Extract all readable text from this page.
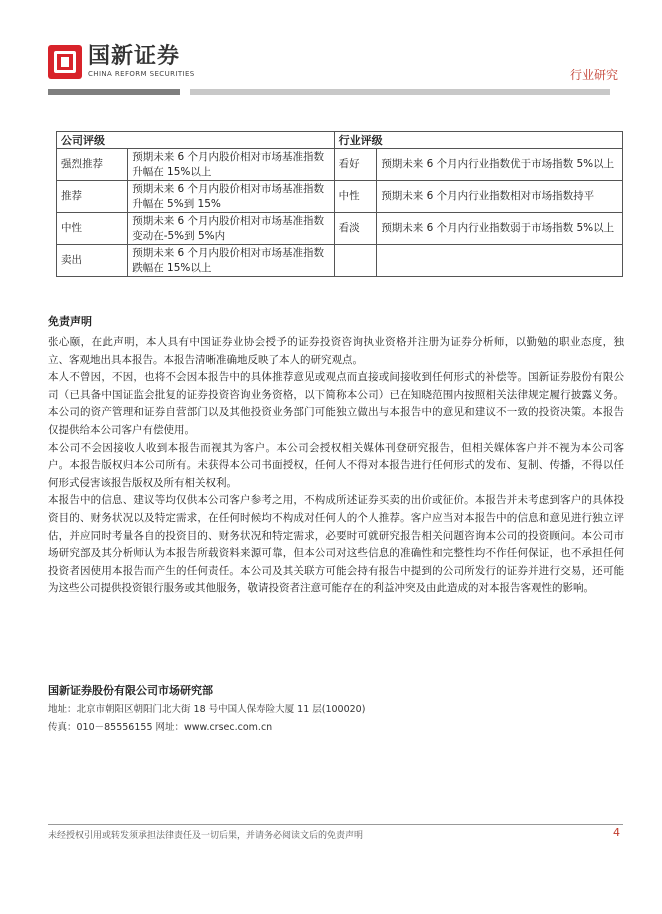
国新证券
CHINA REFORM SECURITIES	行业研究
公司评级		行业评级	
强烈推荐	预期未来 6 个月内股价相对市场基准指数升幅在 15%以上	看好	预期未来 6 个月内行业指数优于市场指数 5%以上
推荐	预期未来 6 个月内股价相对市场基准指数升幅在 5%到 15%	中性	预期未来 6 个月内行业指数相对市场指数持平
中性	预期未来 6 个月内股价相对市场基准指数变动在-5%到 5%内	看淡	预期未来 6 个月内行业指数弱于市场指数 5%以上
卖出	预期未来 6 个月内股价相对市场基准指数跌幅在 15%以上		
免责声明

张心颐，在此声明，本人具有中国证券业协会授予的证券投资咨询执业资格并注册为证券分析师，以勤勉的职业态度，独立、客观地出具本报告。本报告清晰准确地反映了本人的研究观点。

本人不曾因，不因，也将不会因本报告中的具体推荐意见或观点而直接或间接收到任何形式的补偿等。国新证券股份有限公司（已具备中国证监会批复的证券投资咨询业务资格，以下简称本公司）已在知晓范围内按照相关法律规定履行披露义务。本公司的资产管理和证券自营部门以及其他投资业务部门可能独立做出与本报告中的意见和建议不一致的投资决策。本报告仅提供给本公司客户有偿使用。

本公司不会因接收人收到本报告而视其为客户。本公司会授权相关媒体刊登研究报告，但相关媒体客户并不视为本公司客户。本报告版权归本公司所有。未获得本公司书面授权，任何人不得对本报告进行任何形式的发布、复制、传播，不得以任何形式侵害该报告版权及所有相关权利。

本报告中的信息、建议等均仅供本公司客户参考之用，不构成所述证券买卖的出价或征价。本报告并未考虑到客户的具体投资目的、财务状况以及特定需求，在任何时候均不构成对任何人的个人推荐。客户应当对本报告中的信息和意见进行独立评估，并应同时考量各自的投资目的、财务状况和特定需求，必要时可就研究报告相关问题咨询本公司的投资顾问。本公司市场研究部及其分析师认为本报告所载资料来源可靠，但本公司对这些信息的准确性和完整性均不作任何保证，也不承担任何投资者因使用本报告而产生的任何责任。本公司及其关联方可能会持有报告中提到的公司所发行的证券并进行交易，还可能为这些公司提供投资银行服务或其他服务，敬请投资者注意可能存在的利益冲突及由此造成的对本报告客观性的影响。

国新证券股份有限公司市场研究部
地址：北京市朝阳区朝阳门北大街 18 号中国人保寿险大厦 11 层(100020)
传真：010－85556155 网址：www.crsec.com.cn
未经授权引用或转发须承担法律责任及一切后果，并请务必阅读文后的免责声明	4
